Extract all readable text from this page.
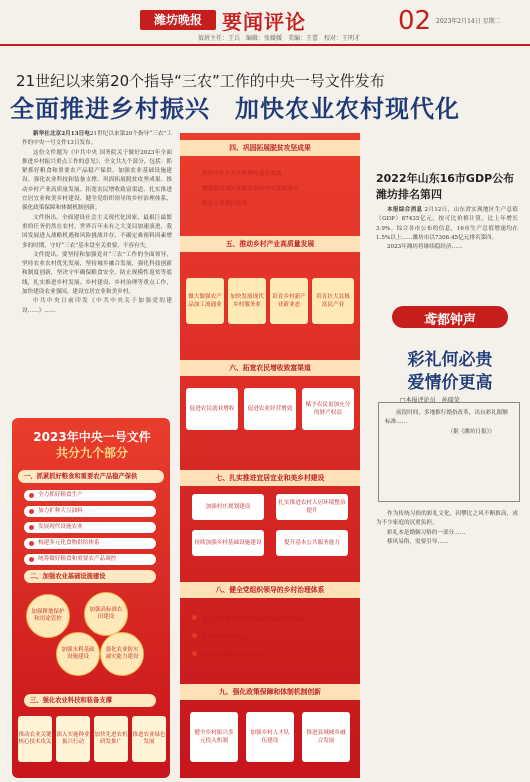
潍坊晚报	要闻评论	02 2023年2月14日 星期二
值班主任：王兵　编辑：张媛媛　美编：王蕾　校对：王明才
21世纪以来第20个指导“三农”工作的中央一号文件发布
全面推进乡村振兴　加快农业农村现代化

新华社北京2月13日电21世纪以来第20个指导“三农”工作的中央一号文件13日发布。

这份文件题为《中共中央 国务院关于做好2023年全面推进乡村振兴重点工作的意见》，全文共九个部分，包括：抓紧抓好粮食和重要农产品稳产保供、加强农业基础设施建设、强化农业科技和装备支撑、巩固拓展脱贫攻坚成果、推动乡村产业高质量发展、拓宽农民增收致富渠道、扎实推进宜居宜业和美乡村建设、健全党组织领导的乡村治理体系、强化政策保障和体制机制创新。

文件指出，全面建设社会主义现代化国家，最艰巨最繁重的任务仍然在农村。世界百年未有之大变局加速演进，我国发展进入战略机遇和风险挑战并存、不确定难预料因素增多的时期，守好“三农”基本盘至关重要、不容有失。

文件提出，要坚持和加强党对“三农”工作的全面领导，坚持农业农村优先发展，坚持城乡融合发展，强化科技创新和制度创新，坚决守牢确保粮食安全、防止规模性返贫等底线，扎实推进乡村发展、乡村建设、乡村治理等重点工作，加快建设农业强国，建设宜居宜业和美乡村。

中共中央日前印发《中共中央关于加强党的建设……》……

2023年中央一号文件
共分九个部分
一、抓紧抓好粮食和重要农产品稳产保供
全力抓好粮食生产
加力扩种大豆油料
发展现代设施农业
构建多元化食物供给体系
统筹做好粮食和重要农产品调控
二、加强农业基础设施建设
加强耕地保护和用途管控
加强高标准农田建设
加强水利基础设施建设
强化农业防灾减灾能力建设
三、强化农业科技和装备支撑
推动农业关键核心技术攻关
深入实施种业振兴行动
加快先进农机研发推广
推进农业绿色发展
四、巩固拓展脱贫攻坚成果
坚决守住不发生规模性返贫底线
增强脱贫地区和脱贫群众内生发展动力
稳定完善帮扶政策
五、推动乡村产业高质量发展
做大做强农产品加工流通业
加快发展现代乡村服务业
培育乡村新产业新业态
培育壮大县域富民产业
六、拓宽农民增收致富渠道
促进农民就业增收	促进农业经营增效
赋予农民更加充分的财产权益
七、扎实推进宜居宜业和美乡村建设
加强村庄规划建设
扎实推进农村人居环境整治提升
持续加强乡村基础设施建设	提升基本公共服务能力
八、健全党组织领导的乡村治理体系
强化农村基层党组织政治功能和组织功能
提升乡村治理效能
加强农村精神文明建设
九、强化政策保障和体制机制创新
健全乡村振兴多元投入机制
加强乡村人才队伍建设
推进县域城乡融合发展
2022年山东16市GDP公布
潍坊排名第四

本报综合消息 2月12日，山东省实现地区生产总值（GDP）87435亿元，按可比价格计算，比上年增长3.9%。综合各市公布的信息，16市生产总值增速均在1.5%以上……潍坊市以7306.45亿元排名第四。

2023年潍坊将继续稳经济……

鸢都钟声
彩礼何必贵
爱情价更高
□本报评论员　孙瑞荣

前段时间，多地推行婚俗改革，出台彩礼限额标准……

（据《潍坊日报》）

作为传统习俗的彩礼文化，因攀比之风不断推高，成为不少家庭的沉重负担。

彩礼本是婚姻习俗的一部分……

移风易俗，需要引导……
